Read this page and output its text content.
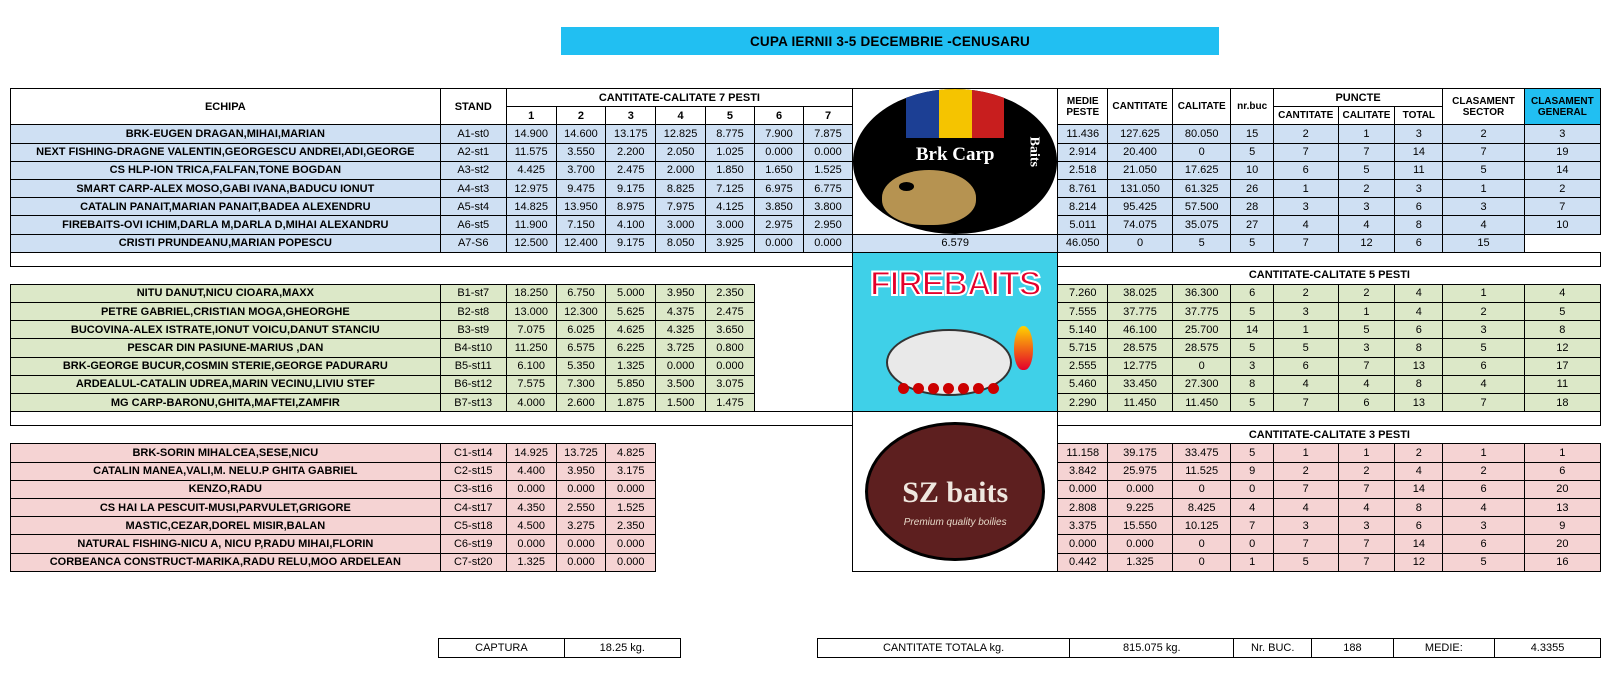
CUPA IERNII 3-5 DECEMBRIE -CENUSARU
ECHIPA	STAND	CANTITATE-CALITATE 7 PESTI							Brk Carp Baits	MEDIE PESTE	CANTITATE	CALITATE	nr.buc	PUNCTE			CLASAMENT SECTOR	CLASAMENT GENERAL
		1	2	3	4	5	6	7						CANTITATE	CALITATE	TOTAL		
BRK-EUGEN DRAGAN,MIHAI,MARIAN	A1-st0	14.900	14.600	13.175	12.825	8.775	7.900	7.875		11.436	127.625	80.050	15	2	1	3	2	3
NEXT FISHING-DRAGNE VALENTIN,GEORGESCU ANDREI,ADI,GEORGE	A2-st1	11.575	3.550	2.200	2.050	1.025	0.000	0.000		2.914	20.400	0	5	7	7	14	7	19
CS HLP-ION TRICA,FALFAN,TONE BOGDAN	A3-st2	4.425	3.700	2.475	2.000	1.850	1.650	1.525		2.518	21.050	17.625	10	6	5	11	5	14
SMART CARP-ALEX MOSO,GABI IVANA,BADUCU IONUT	A4-st3	12.975	9.475	9.175	8.825	7.125	6.975	6.775		8.761	131.050	61.325	26	1	2	3	1	2
CATALIN PANAIT,MARIAN PANAIT,BADEA ALEXENDRU	A5-st4	14.825	13.950	8.975	7.975	4.125	3.850	3.800		8.214	95.425	57.500	28	3	3	6	3	7
FIREBAITS-OVI ICHIM,DARLA M,DARLA D,MIHAI ALEXANDRU	A6-st5	11.900	7.150	4.100	3.000	3.000	2.975	2.950		5.011	74.075	35.075	27	4	4	8	4	10
CRISTI PRUNDEANU,MARIAN POPESCU	A7-S6	12.500	12.400	9.175	8.050	3.925	0.000	0.000	6.579	46.050	0	5	5	7	12	6	15	

									FIREBAITS									

										CANTITATE-CALITATE 5 PESTI								
NITU DANUT,NICU CIOARA,MAXX	B1-st7	18.250	6.750	5.000	3.950	2.350				7.260	38.025	36.300	6	2	2	4	1	4
PETRE GABRIEL,CRISTIAN MOGA,GHEORGHE	B2-st8	13.000	12.300	5.625	4.375	2.475				7.555	37.775	37.775	5	3	1	4	2	5
BUCOVINA-ALEX ISTRATE,IONUT VOICU,DANUT STANCIU	B3-st9	7.075	6.025	4.625	4.325	3.650				5.140	46.100	25.700	14	1	5	6	3	8
PESCAR DIN PASIUNE-MARIUS ,DAN	B4-st10	11.250	6.575	6.225	3.725	0.800				5.715	28.575	28.575	5	5	3	8	5	12
BRK-GEORGE BUCUR,COSMIN STERIE,GEORGE PADURARU	B5-st11	6.100	5.350	1.325	0.000	0.000				2.555	12.775	0	3	6	7	13	6	17
ARDEALUL-CATALIN UDREA,MARIN VECINU,LIVIU STEF	B6-st12	7.575	7.300	5.850	3.500	3.075				5.460	33.450	27.300	8	4	4	8	4	11
MG CARP-BARONU,GHITA,MAFTEI,ZAMFIR	B7-st13	4.000	2.600	1.875	1.500	1.475				2.290	11.450	11.450	5	7	6	13	7	18

									SZ baits
Premium quality boilies									

										CANTITATE-CALITATE 3 PESTI								
BRK-SORIN MIHALCEA,SESE,NICU	C1-st14	14.925	13.725	4.825						11.158	39.175	33.475	5	1	1	2	1	1
CATALIN MANEA,VALI,M. NELU.P GHITA GABRIEL	C2-st15	4.400	3.950	3.175						3.842	25.975	11.525	9	2	2	4	2	6
KENZO,RADU	C3-st16	0.000	0.000	0.000						0.000	0.000	0	0	7	7	14	6	20
CS HAI LA PESCUIT-MUSI,PARVULET,GRIGORE	C4-st17	4.350	2.550	1.525						2.808	9.225	8.425	4	4	4	8	4	13
MASTIC,CEZAR,DOREL MISIR,BALAN	C5-st18	4.500	3.275	2.350						3.375	15.550	10.125	7	3	3	6	3	9
NATURAL FISHING-NICU A, NICU P,RADU MIHAI,FLORIN	C6-st19	0.000	0.000	0.000						0.000	0.000	0	0	7	7	14	6	20
CORBEANCA CONSTRUCT-MARIKA,RADU RELU,MOO ARDELEAN	C7-st20	1.325	0.000	0.000						0.442	1.325	0	1	5	7	12	5	16
CAPTURA	18.25 kg.		CANTITATE TOTALA kg.	815.075 kg.	Nr. BUC.	188	MEDIE:	4.3355
